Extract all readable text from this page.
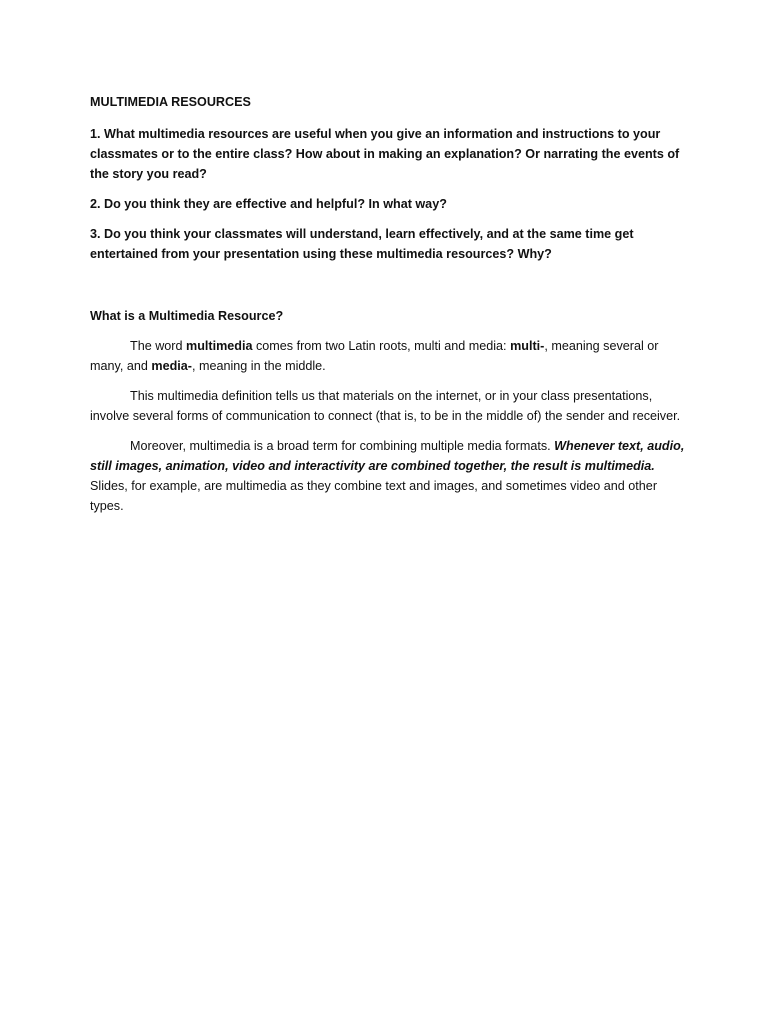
MULTIMEDIA RESOURCES

1. What multimedia resources are useful when you give an information and instructions to your classmates or to the entire class? How about in making an explanation? Or narrating the events of the story you read?

2. Do you think they are effective and helpful? In what way?

3. Do you think your classmates will understand, learn effectively, and at the same time get entertained from your presentation using these multimedia resources? Why?

What is a Multimedia Resource?

The word multimedia comes from two Latin roots, multi and media: multi-, meaning several or many, and media-, meaning in the middle.

This multimedia definition tells us that materials on the internet, or in your class presentations, involve several forms of communication to connect (that is, to be in the middle of) the sender and receiver.

Moreover, multimedia is a broad term for combining multiple media formats. Whenever text, audio, still images, animation, video and interactivity are combined together, the result is multimedia. Slides, for example, are multimedia as they combine text and images, and sometimes video and other types.
